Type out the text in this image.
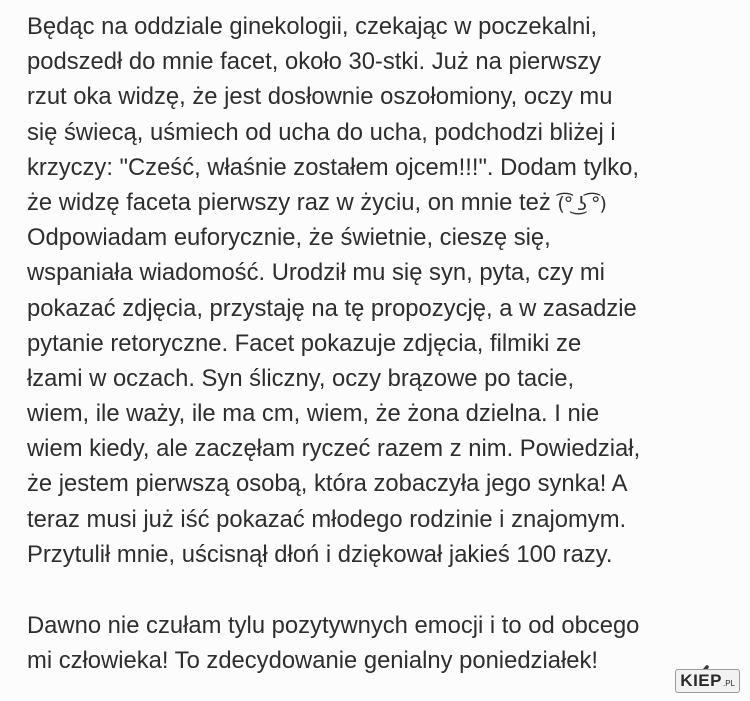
Będąc na oddziale ginekologii, czekając w poczekalni,
podszedł do mnie facet, około 30-stki. Już na pierwszy
rzut oka widzę, że jest dosłownie oszołomiony, oczy mu
się świecą, uśmiech od ucha do ucha, podchodzi bliżej i
krzyczy: "Cześć, właśnie zostałem ojcem!!!". Dodam tylko,
że widzę faceta pierwszy raz w życiu, on mnie też (͡° ͜ʖ ͡°)
Odpowiadam euforycznie, że świetnie, cieszę się,
wspaniała wiadomość. Urodził mu się syn, pyta, czy mi
pokazać zdjęcia, przystaję na tę propozycję, a w zasadzie
pytanie retoryczne. Facet pokazuje zdjęcia, filmiki ze
łzami w oczach. Syn śliczny, oczy brązowe po tacie,
wiem, ile waży, ile ma cm, wiem, że żona dzielna. I nie
wiem kiedy, ale zaczęłam ryczeć razem z nim. Powiedział,
że jestem pierwszą osobą, która zobaczyła jego synka! A
teraz musi już iść pokazać młodego rodzinie i znajomym.
Przytulił mnie, uścisnął dłoń i dziękował jakieś 100 razy.
Dawno nie czułam tylu pozytywnych emocji i to od obcego
mi człowieka! To zdecydowanie genialny poniedziałek!
KIEP .PL
